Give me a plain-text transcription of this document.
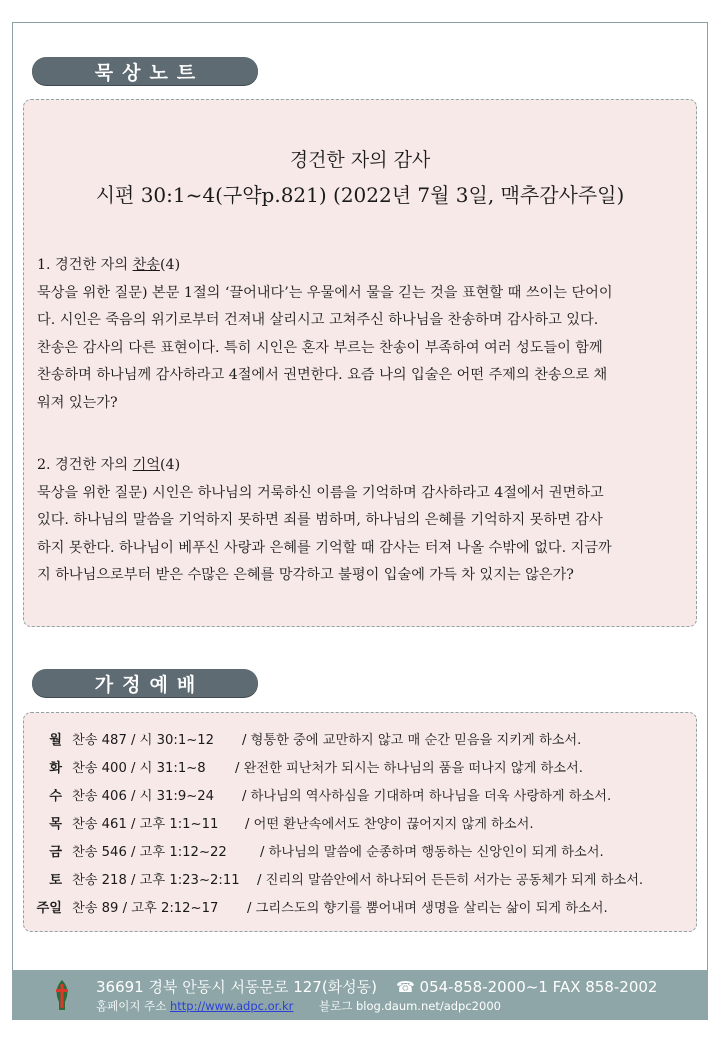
묵상노트
경건한 자의 감사
시편 30:1~4(구약p.821) (2022년 7월 3일, 맥추감사주일)
1. 경건한 자의 찬송(4)
묵상을 위한 질문) 본문 1절의 ‘끌어내다’는 우물에서 물을 긷는 것을 표현할 때 쓰이는 단어이
다. 시인은 죽음의 위기로부터 건져내 살리시고 고쳐주신 하나님을 찬송하며 감사하고 있다.
찬송은 감사의 다른 표현이다. 특히 시인은 혼자 부르는 찬송이 부족하여 여러 성도들이 함께
찬송하며 하나님께 감사하라고 4절에서 권면한다. 요즘 나의 입술은 어떤 주제의 찬송으로 채
워져 있는가?
2. 경건한 자의 기억(4)
묵상을 위한 질문) 시인은 하나님의 거룩하신 이름을 기억하며 감사하라고 4절에서 권면하고
있다. 하나님의 말씀을 기억하지 못하면 죄를 범하며, 하나님의 은혜를 기억하지 못하면 감사
하지 못한다. 하나님이 베푸신 사랑과 은혜를 기억할 때 감사는 터져 나올 수밖에 없다. 지금까
지 하나님으로부터 받은 수많은 은혜를 망각하고 불평이 입술에 가득 차 있지는 않은가?
가정예배
월 찬송 487 / 시 30:1~12	/ 형통한 중에 교만하지 않고 매 순간 믿음을 지키게 하소서.
화 찬송 400 / 시 31:1~8	/ 완전한 피난처가 되시는 하나님의 품을 떠나지 않게 하소서.
수 찬송 406 / 시 31:9~24	/ 하나님의 역사하심을 기대하며 하나님을 더욱 사랑하게 하소서.
목 찬송 461 / 고후 1:1~11	/ 어떤 환난속에서도 찬양이 끊어지지 않게 하소서.
금 찬송 546 / 고후 1:12~22	/ 하나님의 말씀에 순종하며 행동하는 신앙인이 되게 하소서.
토 찬송 218 / 고후 1:23~2:11	/ 진리의 말씀안에서 하나되어 든든히 서가는 공동체가 되게 하소서.
주일 찬송 89 / 고후 2:12~17	/ 그리스도의 향기를 뿜어내며 생명을 살리는 삶이 되게 하소서.
36691 경북 안동시 서동문로 127(화성동) ☎ 054-858-2000~1 FAX 858-2002
홈페이지 주소 http://www.adpc.or.kr 블로그 blog.daum.net/adpc2000
